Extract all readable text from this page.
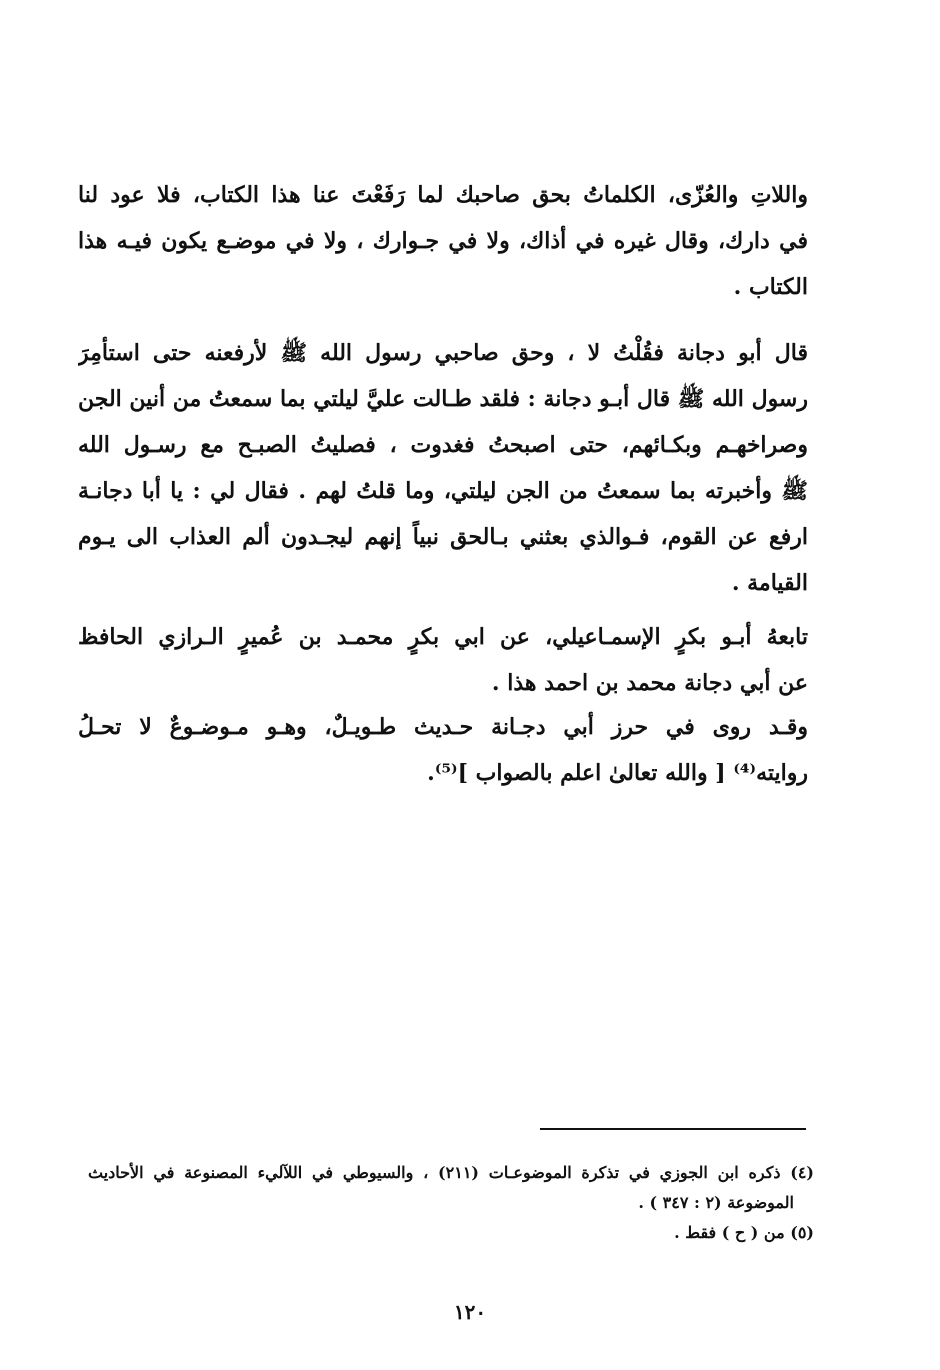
واللاتِ والعُزّى، الكلماتُ بحق صاحبك لما رَفَعْتَ عنا هذا الكتاب، فلا عود لنا
في دارك، وقال غيره في أذاك، ولا في جـوارك ، ولا في موضـع يكون فيـه هذا
الكتاب .
قال أبو دجانة فقُلْتُ لا ، وحق صاحبي رسول الله ﷺ لأرفعنه حتى استأمِرَ
رسول الله ﷺ قال أبـو دجانة : فلقد طـالت عليَّ ليلتي بما سمعتُ من أنين الجن
وصراخهـم وبكـائهم، حتى اصبحتُ فغدوت ، فصليتُ الصبـح مع رسـول الله
ﷺ وأخبرته بما سمعتُ من الجن ليلتي، وما قلتُ لهم . فقال لي : يا أبا دجانـة
ارفع عن القوم، فـوالذي بعثني بـالحق نبياً إنهم ليجـدون ألم العذاب الى يـوم
القيامة .
تابعهُ أبـو بكرٍ الإسمـاعيلي، عن ابي بكرٍ محمـد بن عُميرٍ الـرازي الحافظ
عن أبي دجانة محمد بن احمد هذا .
وقـد روى في حرز أبي دجـانة حـديث طـويـلٌ، وهـو مـوضـوعٌ لا تحـلُ
روايته⁽⁴⁾ [ والله تعالىٰ اعلم بالصواب ]⁽⁵⁾.
(٤) ذكره ابن الجوزي في تذكرة الموضوعـات (٢١١) ، والسيوطي في اللآليء المصنوعة في الأحاديث
الموضوعة (٢ : ٣٤٧ ) .
(٥) من ( ح ) فقط .
١٢٠
